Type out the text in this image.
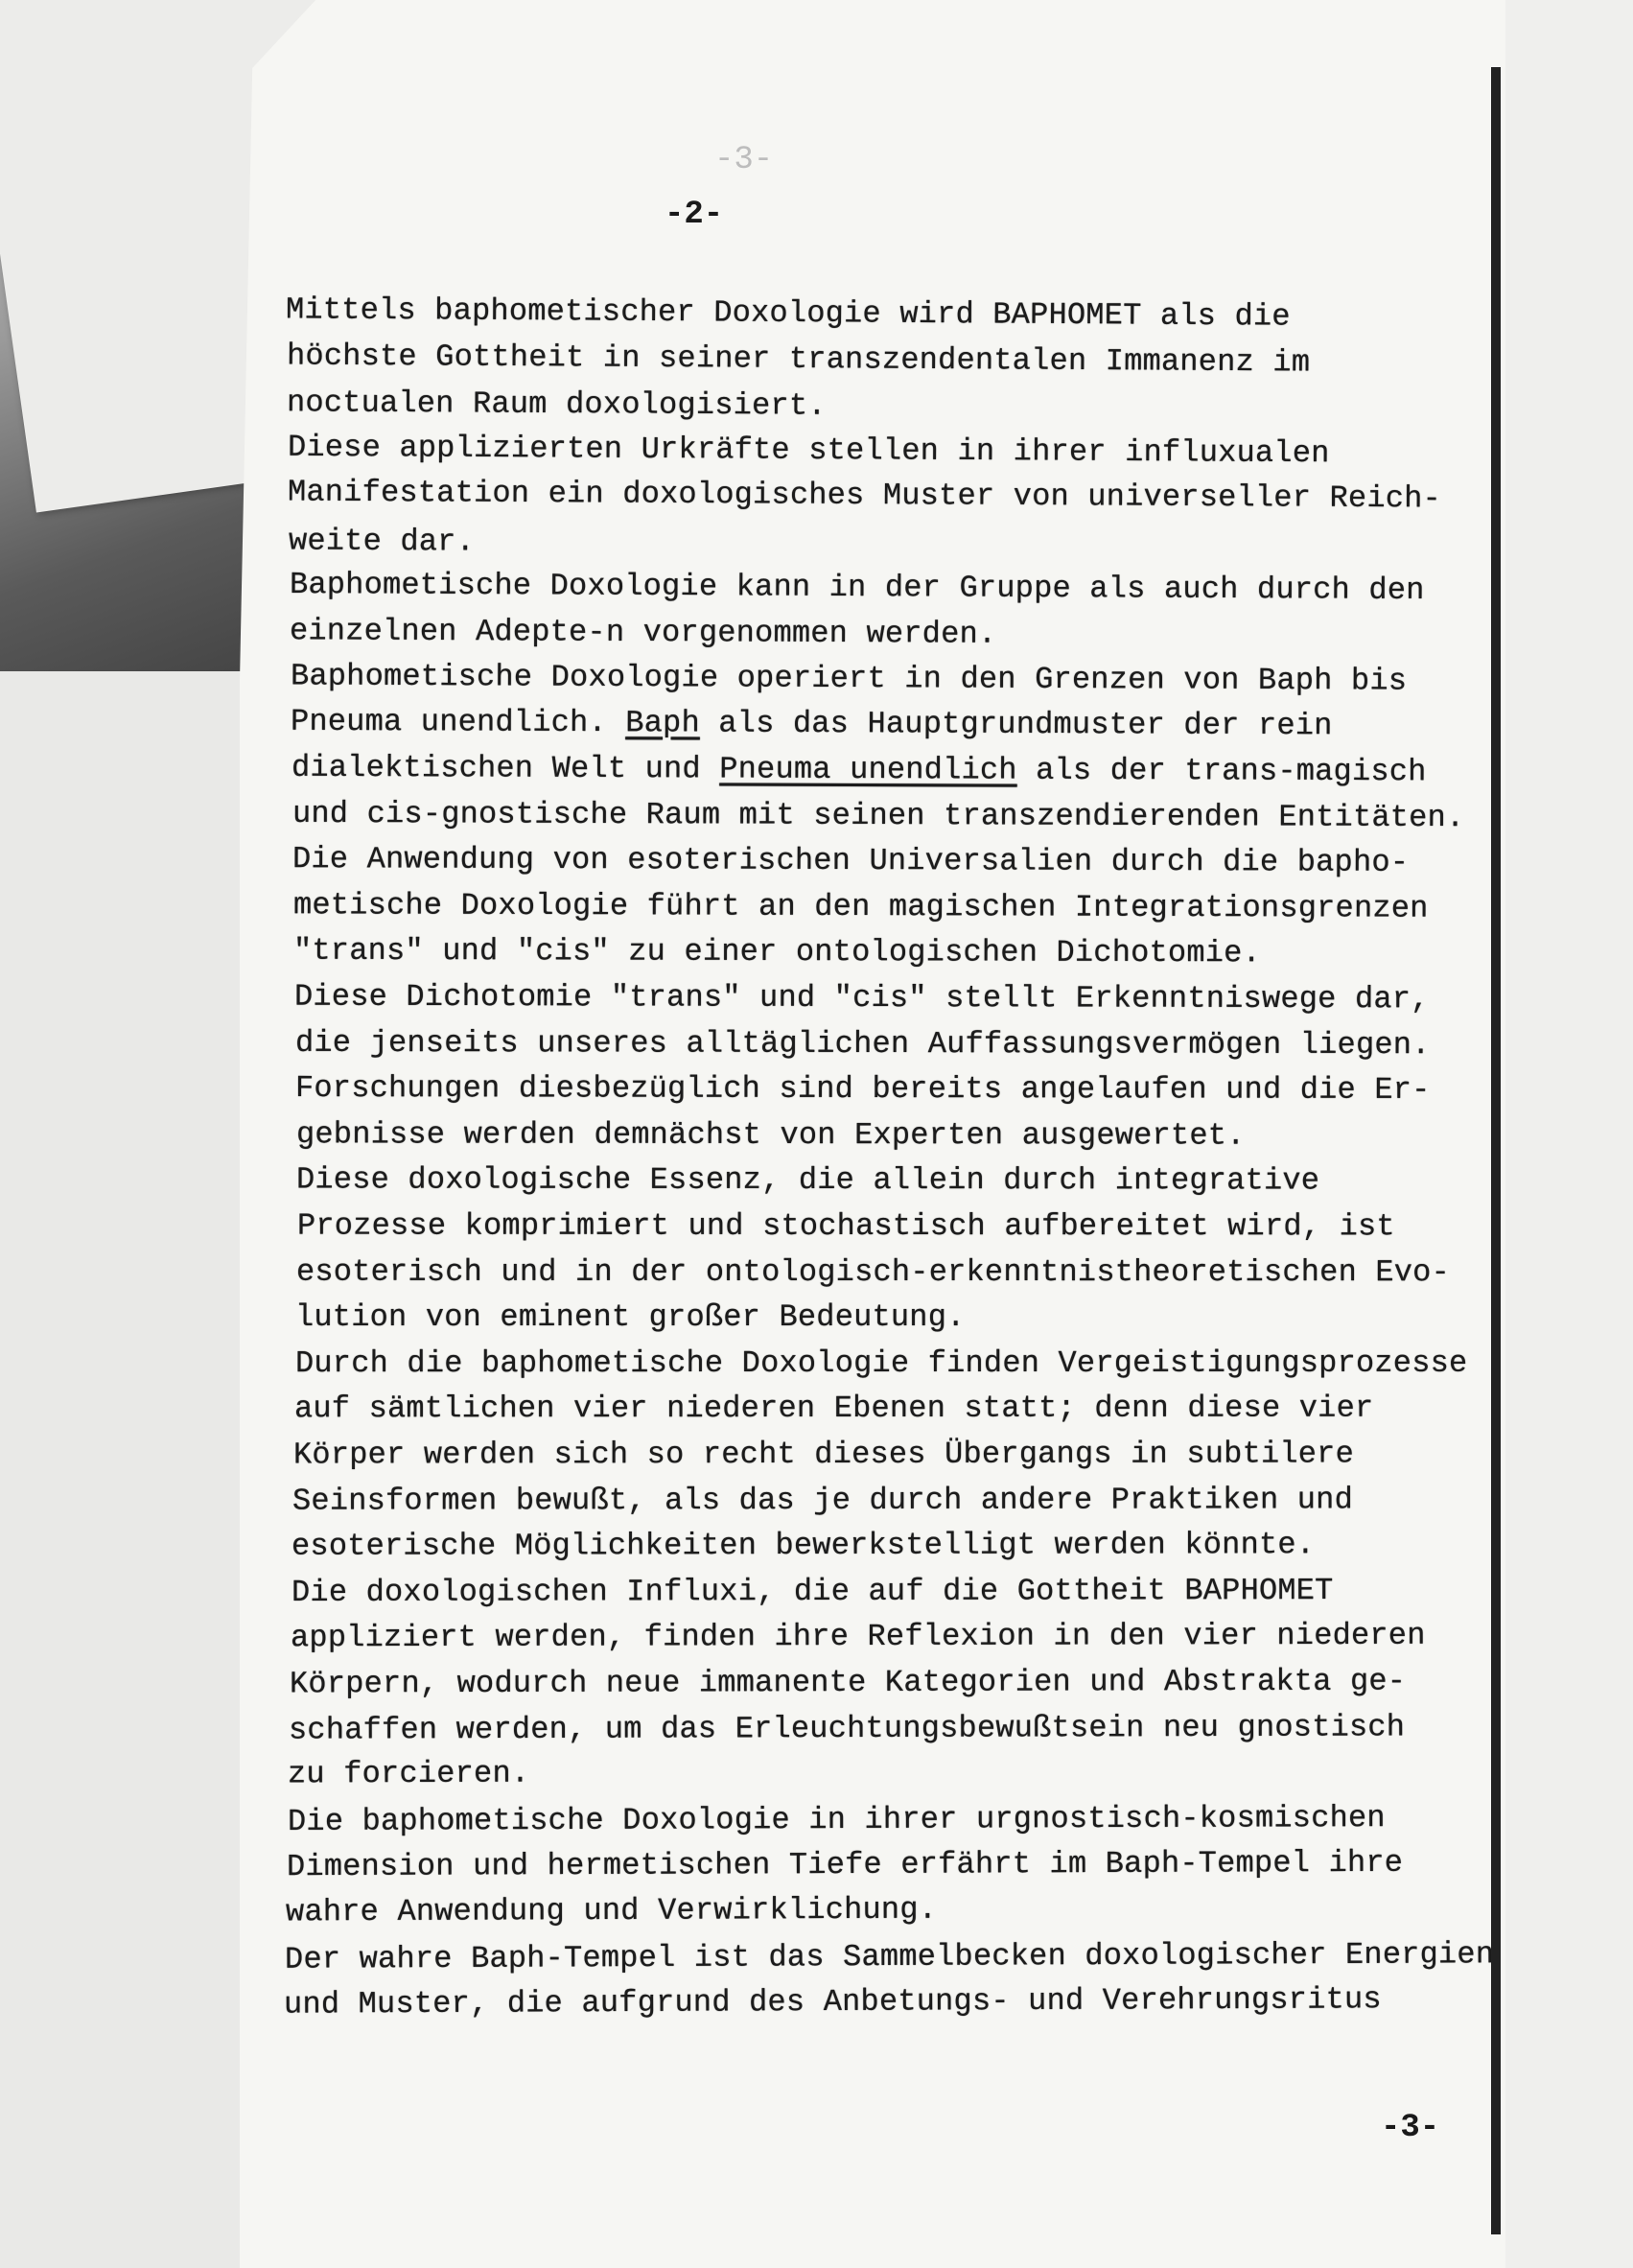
-3-
-2-
Mittels baphometischer Doxologie wird BAPHOMET als die
höchste Gottheit in seiner transzendentalen Immanenz im
noctualen Raum doxologisiert.
Diese applizierten Urkräfte stellen in ihrer influxualen
Manifestation ein doxologisches Muster von universeller Reich-
weite dar.
Baphometische Doxologie kann in der Gruppe als auch durch den
einzelnen Adepte-n vorgenommen werden.
Baphometische Doxologie operiert in den Grenzen von Baph bis
Pneuma unendlich. Baph als das Hauptgrundmuster der rein
dialektischen Welt und Pneuma unendlich als der trans-magisch
und cis-gnostische Raum mit seinen transzendierenden Entitäten.
Die Anwendung von esoterischen Universalien durch die bapho-
metische Doxologie führt an den magischen Integrationsgrenzen
"trans" und "cis" zu einer ontologischen Dichotomie.
Diese Dichotomie "trans" und "cis" stellt Erkenntniswege dar,
die jenseits unseres alltäglichen Auffassungsvermögen liegen.
Forschungen diesbezüglich sind bereits angelaufen und die Er-
gebnisse werden demnächst von Experten ausgewertet.
Diese doxologische Essenz, die allein durch integrative
Prozesse komprimiert und stochastisch aufbereitet wird, ist
esoterisch und in der ontologisch-erkenntnistheoretischen Evo-
lution von eminent großer Bedeutung.
Durch die baphometische Doxologie finden Vergeistigungsprozesse
auf sämtlichen vier niederen Ebenen statt; denn diese vier
Körper werden sich so recht dieses Übergangs in subtilere
Seinsformen bewußt, als das je durch andere Praktiken und
esoterische Möglichkeiten bewerkstelligt werden könnte.
Die doxologischen Influxi, die auf die Gottheit BAPHOMET
appliziert werden, finden ihre Reflexion in den vier niederen
Körpern, wodurch neue immanente Kategorien und Abstrakta ge-
schaffen werden, um das Erleuchtungsbewußtsein neu gnostisch
zu forcieren.
Die baphometische Doxologie in ihrer urgnostisch-kosmischen
Dimension und hermetischen Tiefe erfährt im Baph-Tempel ihre
wahre Anwendung und Verwirklichung.
Der wahre Baph-Tempel ist das Sammelbecken doxologischer Energien
und Muster, die aufgrund des Anbetungs- und Verehrungsritus
-3-
